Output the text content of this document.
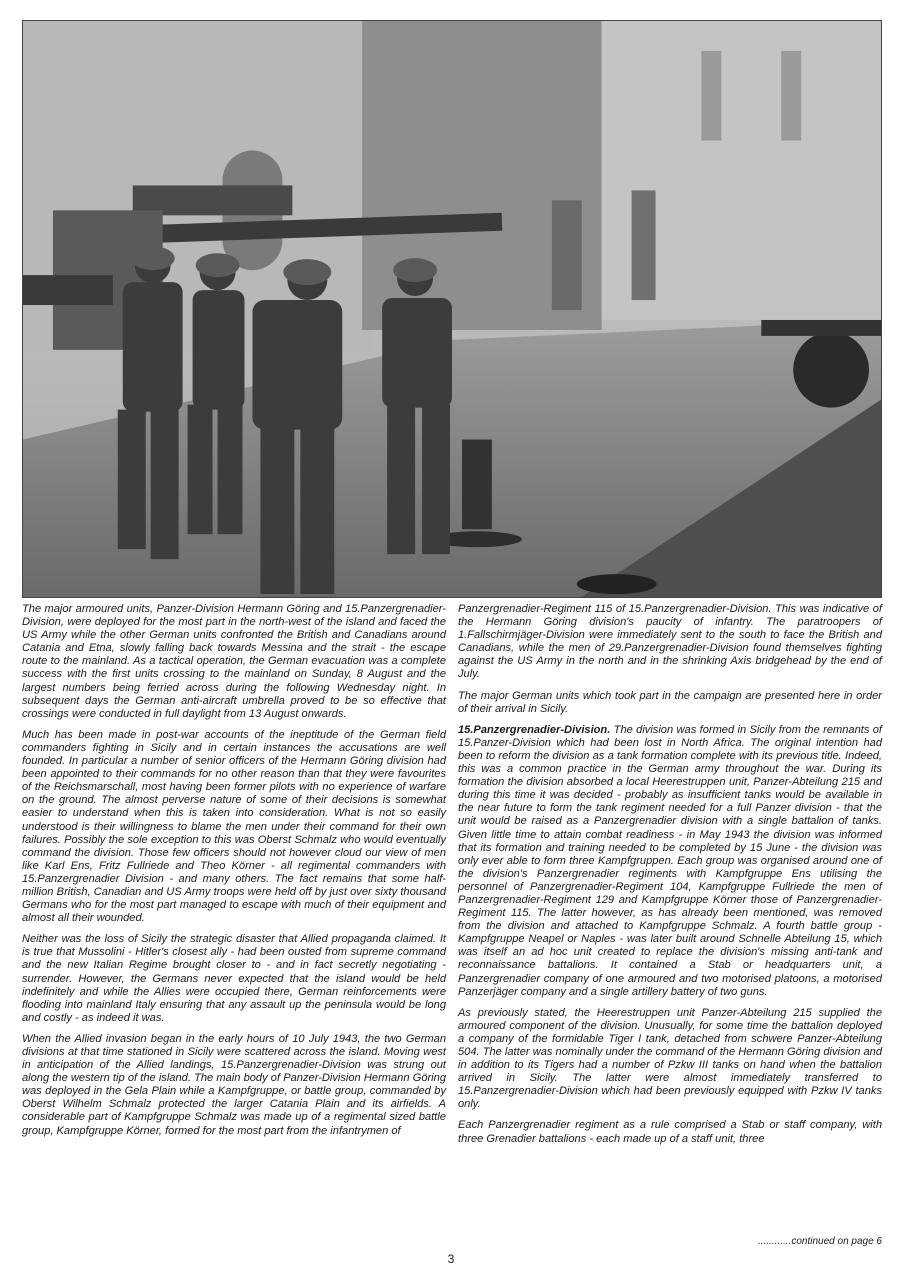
The major armoured units, Panzer-Division Hermann Göring and 15.Panzergrenadier-Division, were deployed for the most part in the north-west of the island and faced the US Army while the other German units confronted the British and Canadians around Catania and Etna, slowly falling back towards Messina and the strait - the escape route to the mainland. As a tactical operation, the German evacuation was a complete success with the first units crossing to the mainland on Sunday, 8 August and the largest numbers being ferried across during the following Wednesday night. In subsequent days the German anti-aircraft umbrella proved to be so effective that crossings were conducted in full daylight from 13 August onwards.

Much has been made in post-war accounts of the ineptitude of the German field commanders fighting in Sicily and in certain instances the accusations are well founded. In particular a number of senior officers of the Hermann Göring division had been appointed to their commands for no other reason than that they were favourites of the Reichsmarschall, most having been former pilots with no experience of warfare on the ground. The almost perverse nature of some of their decisions is somewhat easier to understand when this is taken into consideration. What is not so easily understood is their willingness to blame the men under their command for their own failures. Possibly the sole exception to this was Oberst Schmalz who would eventually command the division. Those few officers should not however cloud our view of men like Karl Ens, Fritz Fullriede and Theo Körner - all regimental commanders with 15.Panzergrenadier Division - and many others. The fact remains that some half-million British, Canadian and US Army troops were held off by just over sixty thousand Germans who for the most part managed to escape with much of their equipment and almost all their wounded.

Neither was the loss of Sicily the strategic disaster that Allied propaganda claimed. It is true that Mussolini - Hitler's closest ally - had been ousted from supreme command and the new Italian Regime brought closer to - and in fact secretly negotiating - surrender. However, the Germans never expected that the island would be held indefinitely and while the Allies were occupied there, German reinforcements were flooding into mainland Italy ensuring that any assault up the peninsula would be long and costly - as indeed it was.

When the Allied invasion began in the early hours of 10 July 1943, the two German divisions at that time stationed in Sicily were scattered across the island. Moving west in anticipation of the Allied landings, 15.Panzergrenadier-Division was strung out along the western tip of the island. The main body of Panzer-Division Hermann Göring was deployed in the Gela Plain while a Kampfgruppe, or battle group, commanded by Oberst Wilhelm Schmalz protected the larger Catania Plain and its airfields. A considerable part of Kampfgruppe Schmalz was made up of a regimental sized battle group, Kampfgruppe Körner, formed for the most part from the infantrymen of

Panzergrenadier-Regiment 115 of 15.Panzergrenadier-Division. This was indicative of the Hermann Göring division's paucity of infantry. The paratroopers of 1.Fallschirmjäger-Division were immediately sent to the south to face the British and Canadians, while the men of 29.Panzergrenadier-Division found themselves fighting against the US Army in the north and in the shrinking Axis bridgehead by the end of July.

The major German units which took part in the campaign are presented here in order of their arrival in Sicily.

15.Panzergrenadier-Division. The division was formed in Sicily from the remnants of 15.Panzer-Division which had been lost in North Africa. The original intention had been to reform the division as a tank formation complete with its previous title. Indeed, this was a common practice in the German army throughout the war. During its formation the division absorbed a local Heerestruppen unit, Panzer-Abteilung 215 and during this time it was decided - probably as insufficient tanks would be available in the near future to form the tank regiment needed for a full Panzer division - that the unit would be raised as a Panzergrenadier division with a single battalion of tanks. Given little time to attain combat readiness - in May 1943 the division was informed that its formation and training needed to be completed by 15 June - the division was only ever able to form three Kampfgruppen. Each group was organised around one of the division's Panzergrenadier regiments with Kampfgruppe Ens utilising the personnel of Panzergrenadier-Regiment 104, Kampfgruppe Fullriede the men of Panzergrenadier-Regiment 129 and Kampfgruppe Körner those of Panzergrenadier-Regiment 115. The latter however, as has already been mentioned, was removed from the division and attached to Kampfgruppe Schmalz. A fourth battle group - Kampfgruppe Neapel or Naples - was later built around Schnelle Abteilung 15, which was itself an ad hoc unit created to replace the division's missing anti-tank and reconnaissance battalions. It contained a Stab or headquarters unit, a Panzergrenadier company of one armoured and two motorised platoons, a motorised Panzerjäger company and a single artillery battery of two guns.

As previously stated, the Heerestruppen unit Panzer-Abteilung 215 supplied the armoured component of the division. Unusually, for some time the battalion deployed a company of the formidable Tiger I tank, detached from schwere Panzer-Abteilung 504. The latter was nominally under the command of the Hermann Göring division and in addition to its Tigers had a number of Pzkw III tanks on hand when the battalion arrived in Sicily. The latter were almost immediately transferred to 15.Panzergrenadier-Division which had been previously equipped with Pzkw IV tanks only.

Each Panzergrenadier regiment as a rule comprised a Stab or staff company, with three Grenadier battalions - each made up of a staff unit, three

............continued on page 6
3
